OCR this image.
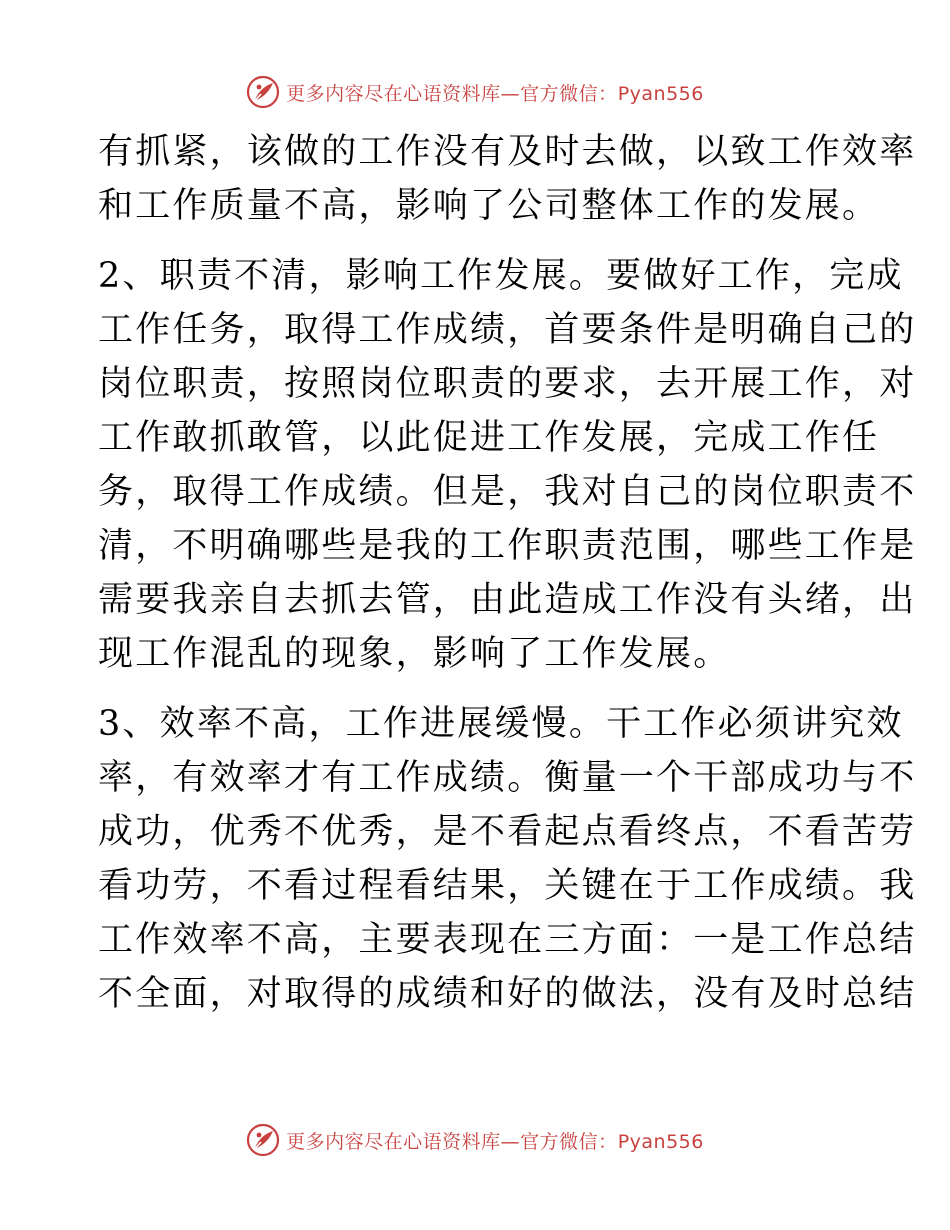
更多内容尽在心语资料库—官方微信：Pyan556

有抓紧，该做的工作没有及时去做，以致工作效率
和工作质量不高，影响了公司整体工作的发展。

2、职责不清，影响工作发展。要做好工作，完成
工作任务，取得工作成绩，首要条件是明确自己的
岗位职责，按照岗位职责的要求，去开展工作，对
工作敢抓敢管，以此促进工作发展，完成工作任
务，取得工作成绩。但是，我对自己的岗位职责不
清，不明确哪些是我的工作职责范围，哪些工作是
需要我亲自去抓去管，由此造成工作没有头绪，出
现工作混乱的现象，影响了工作发展。

3、效率不高，工作进展缓慢。干工作必须讲究效
率，有效率才有工作成绩。衡量一个干部成功与不
成功，优秀不优秀，是不看起点看终点，不看苦劳
看功劳，不看过程看结果，关键在于工作成绩。我
工作效率不高，主要表现在三方面：一是工作总结
不全面，对取得的成绩和好的做法，没有及时总结

更多内容尽在心语资料库—官方微信：Pyan556
